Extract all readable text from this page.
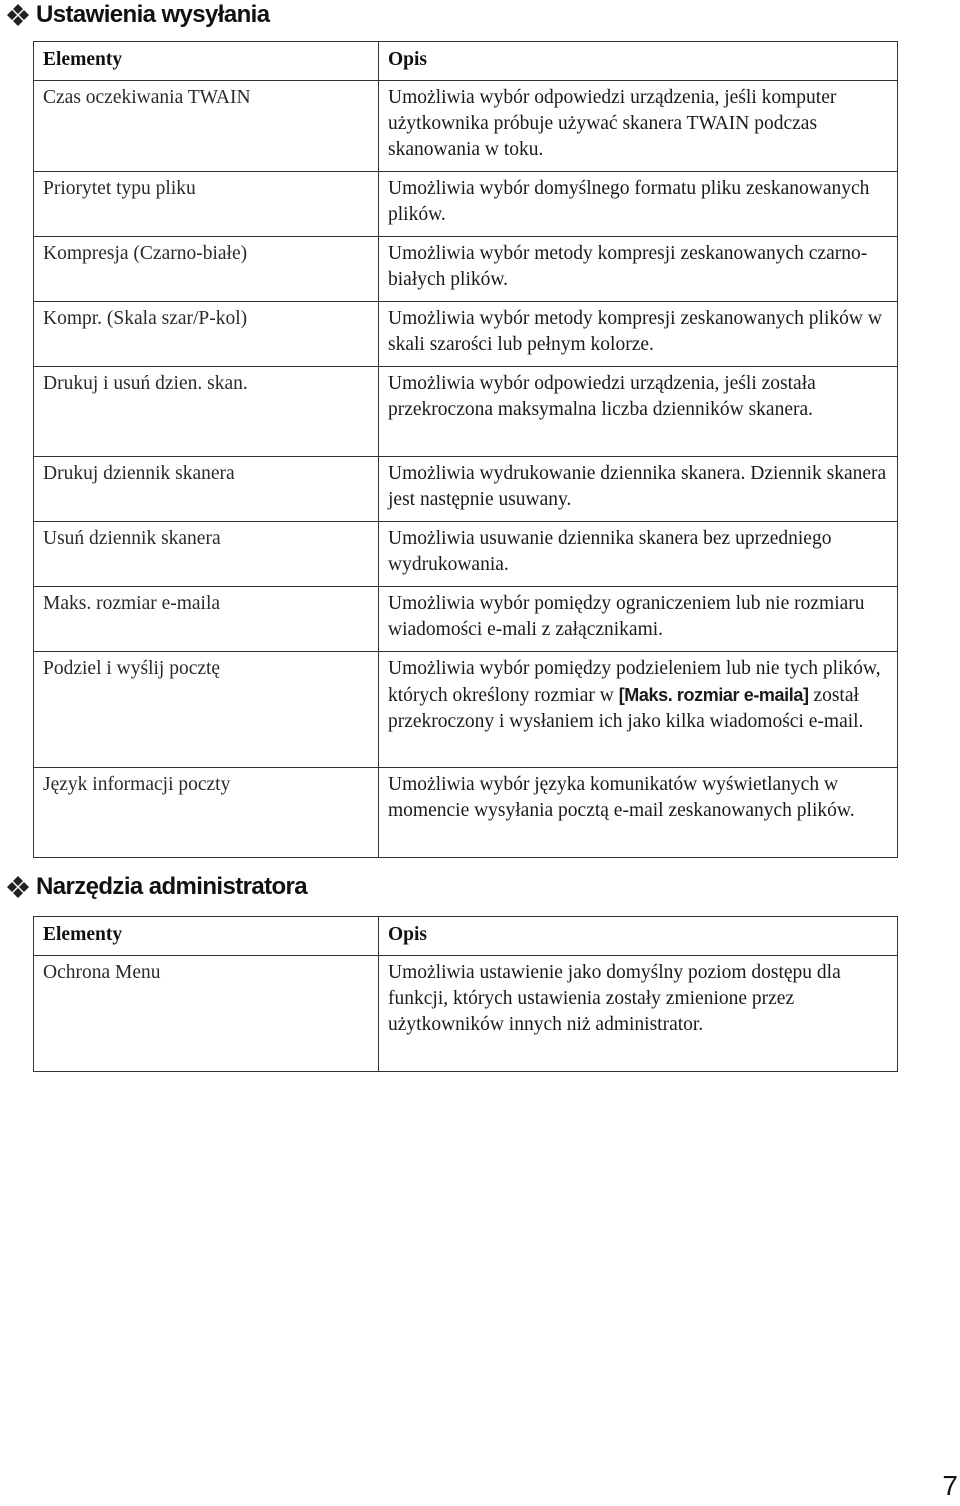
Ustawienia wysyłania
Elementy	Opis
Czas oczekiwania TWAIN	Umożliwia wybór odpowiedzi urządzenia, jeśli komputer użytkownika próbuje używać skanera TWAIN podczas skanowania w toku.
Priorytet typu pliku	Umożliwia wybór domyślnego formatu pliku zeskanowanych plików.
Kompresja (Czarno-białe)	Umożliwia wybór metody kompresji zeskanowanych czarno-białych plików.
Kompr. (Skala szar/P-kol)	Umożliwia wybór metody kompresji zeskanowanych plików w skali szarości lub pełnym kolorze.
Drukuj i usuń dzien. skan.	Umożliwia wybór odpowiedzi urządzenia, jeśli została przekroczona maksymalna liczba dzienników skanera.
Drukuj dziennik skanera	Umożliwia wydrukowanie dziennika skanera. Dziennik skanera jest następnie usuwany.
Usuń dziennik skanera	Umożliwia usuwanie dziennika skanera bez uprzedniego wydrukowania.
Maks. rozmiar e-maila	Umożliwia wybór pomiędzy ograniczeniem lub nie rozmiaru wiadomości e-mali z załącznikami.
Podziel i wyślij pocztę	Umożliwia wybór pomiędzy podzieleniem lub nie tych plików, których określony rozmiar w [Maks. rozmiar e-maila] został przekroczony i wysłaniem ich jako kilka wiadomości e-mail.
Język informacji poczty	Umożliwia wybór języka komunikatów wyświetlanych w momencie wysyłania pocztą e-mail zeskanowanych plików.
Narzędzia administratora
Elementy	Opis
Ochrona Menu	Umożliwia ustawienie jako domyślny poziom dostępu dla funkcji, których ustawienia zostały zmienione przez użytkowników innych niż administrator.
7
